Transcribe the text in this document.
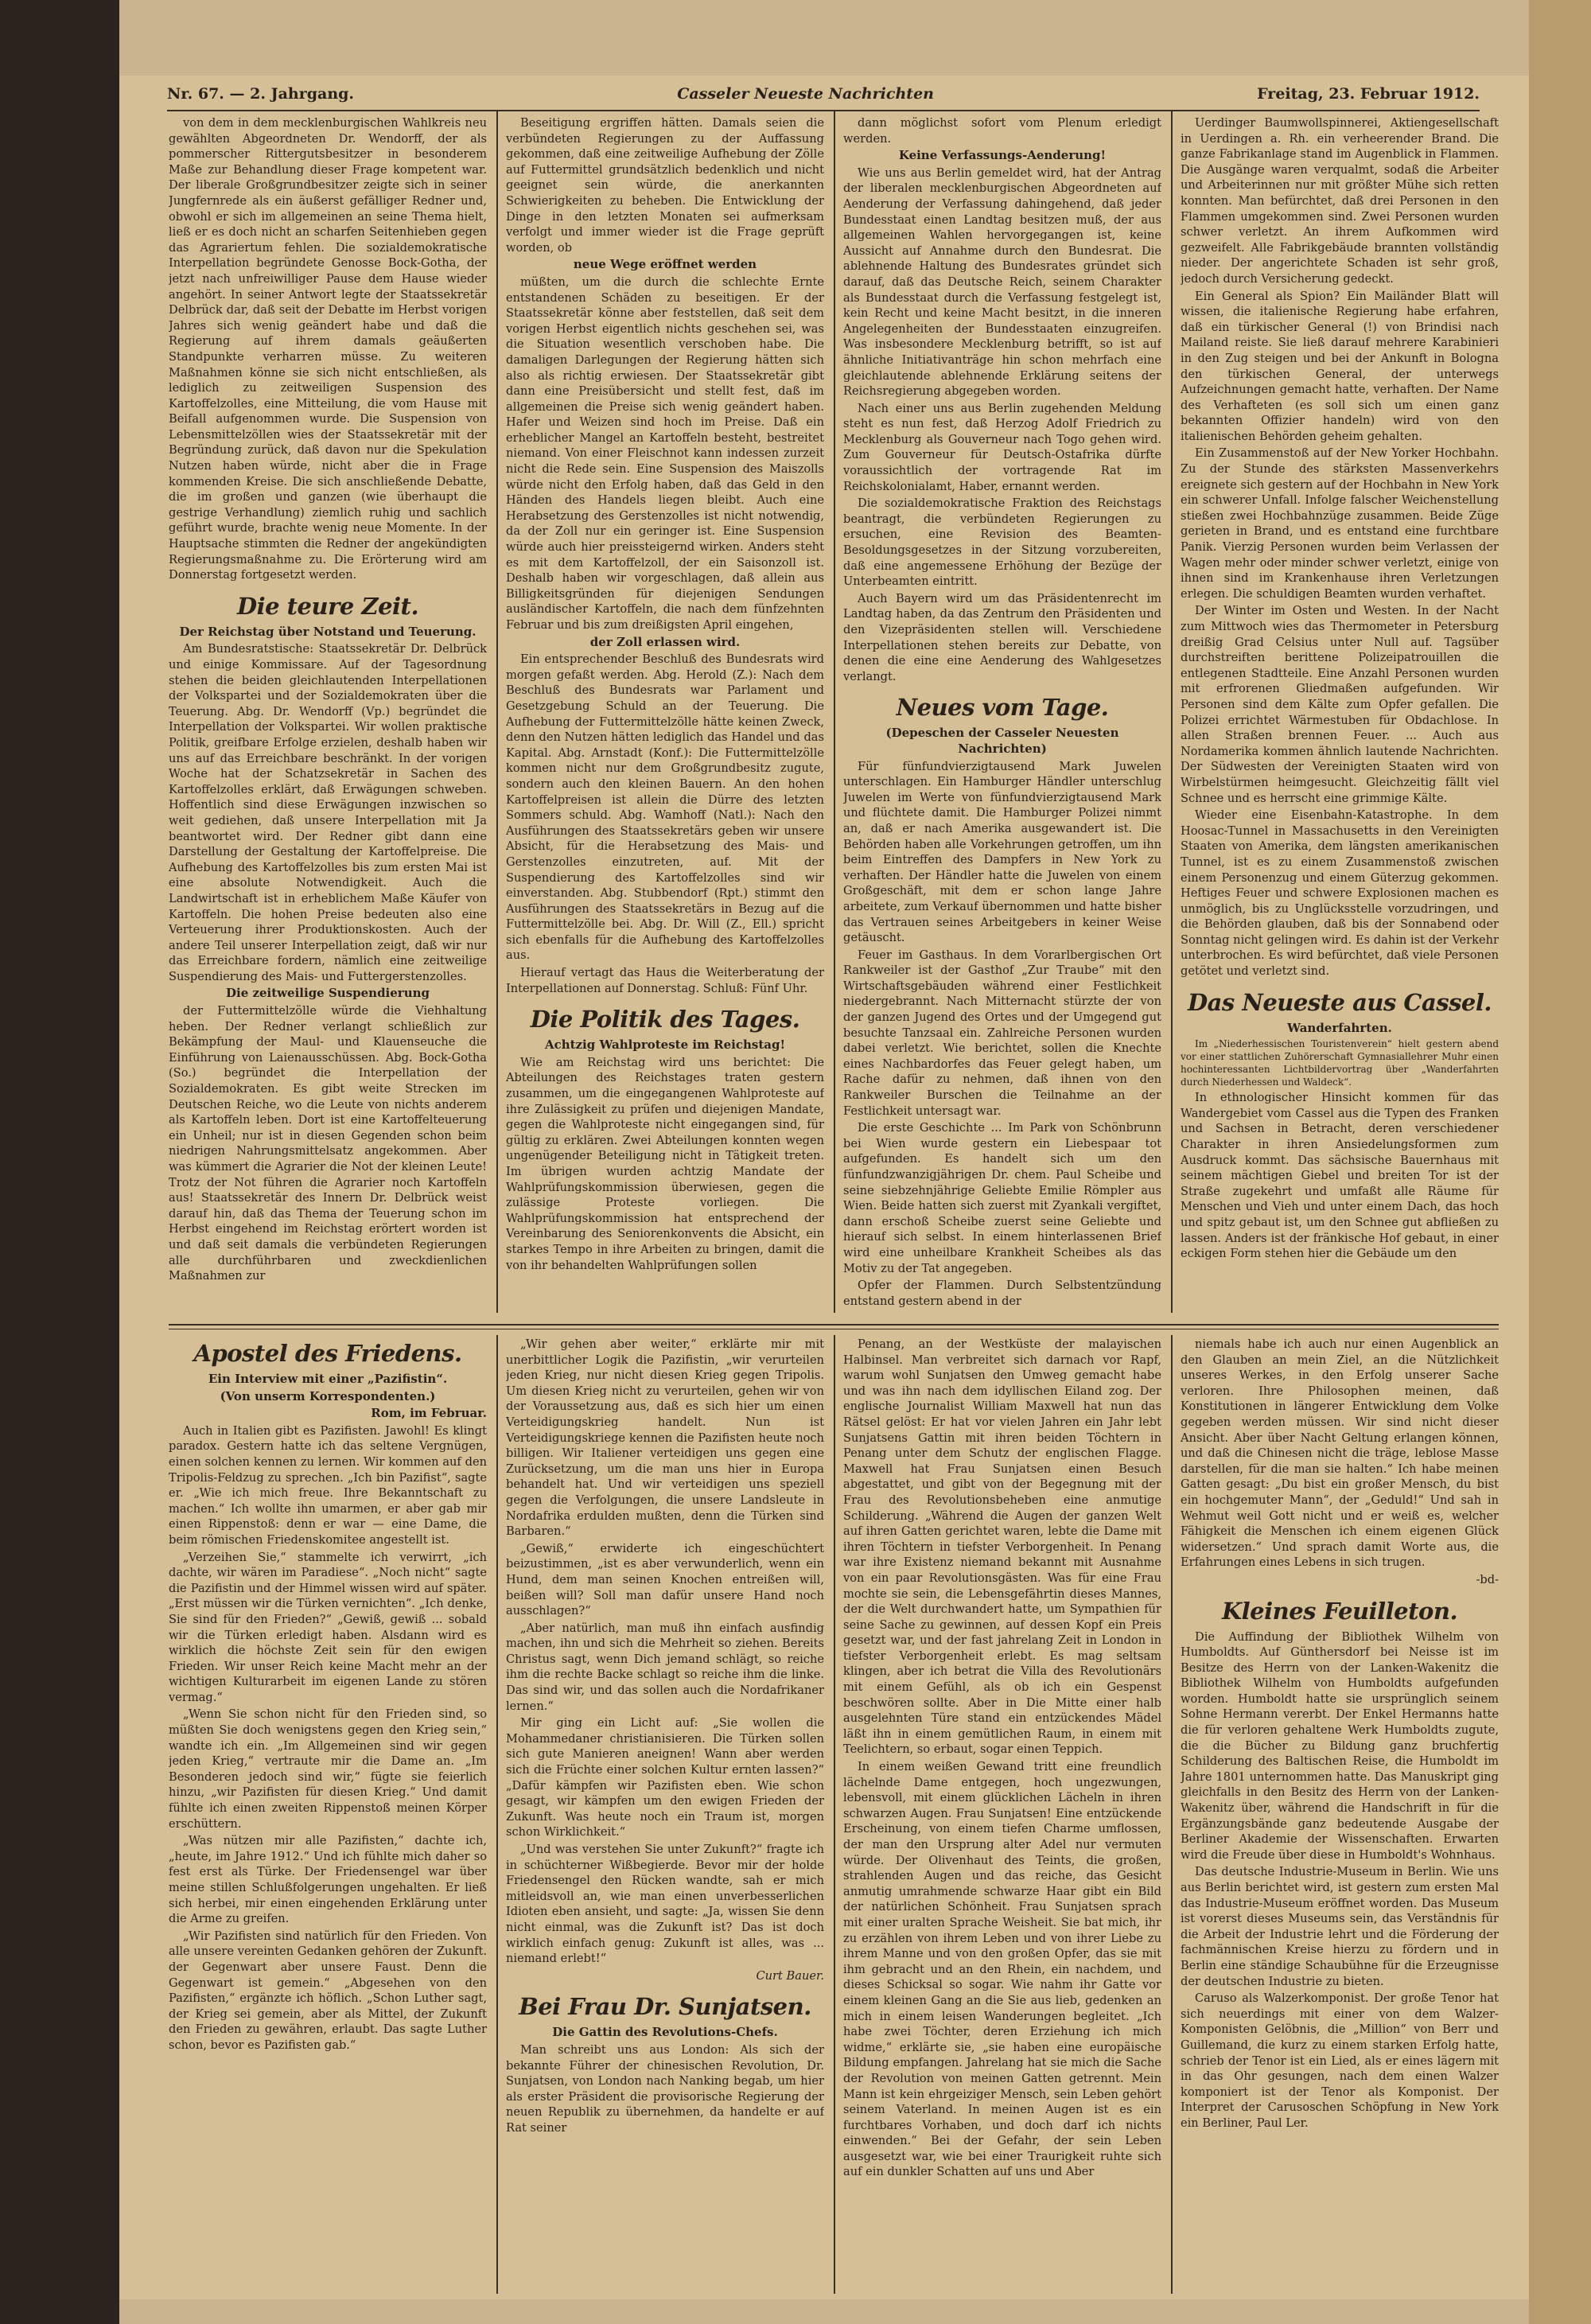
Nr. 67. — 2. Jahrgang.	Casseler Neueste Nachrichten	Freitag, 23. Februar 1912.

von dem in dem mecklenburgischen Wahlkreis neu gewählten Abgeordneten Dr. Wendorff, der als pommerscher Rittergutsbesitzer in besonderem Maße zur Behandlung dieser Frage kompetent war. Der liberale Großgrundbesitzer zeigte sich in seiner Jungfernrede als ein äußerst gefälliger Redner und, obwohl er sich im allgemeinen an seine Thema hielt, ließ er es doch nicht an scharfen Seitenhieben gegen das Agrariertum fehlen. Die sozialdemokratische Interpellation begründete Genosse Bock-Gotha, der jetzt nach unfreiwilliger Pause dem Hause wieder angehört. In seiner Antwort legte der Staatssekretär Delbrück dar, daß seit der Debatte im Herbst vorigen Jahres sich wenig geändert habe und daß die Regierung auf ihrem damals geäußerten Standpunkte verharren müsse. Zu weiteren Maßnahmen könne sie sich nicht entschließen, als lediglich zu zeitweiligen Suspension des Kartoffelzolles, eine Mitteilung, die vom Hause mit Beifall aufgenommen wurde. Die Suspension von Lebensmittelzöllen wies der Staatssekretär mit der Begründung zurück, daß davon nur die Spekulation Nutzen haben würde, nicht aber die in Frage kommenden Kreise. Die sich anschließende Debatte, die im großen und ganzen (wie überhaupt die gestrige Verhandlung) ziemlich ruhig und sachlich geführt wurde, brachte wenig neue Momente. In der Hauptsache stimmten die Redner der angekündigten Regierungsmaßnahme zu. Die Erörterung wird am Donnerstag fortgesetzt werden.

Die teure Zeit.

Der Reichstag über Notstand und Teuerung.

Am Bundesratstische: Staatssekretär Dr. Delbrück und einige Kommissare. Auf der Tagesordnung stehen die beiden gleichlautenden Interpellationen der Volkspartei und der Sozialdemokraten über die Teuerung. Abg. Dr. Wendorff (Vp.) begründet die Interpellation der Volkspartei. Wir wollen praktische Politik, greifbare Erfolge erzielen, deshalb haben wir uns auf das Erreichbare beschränkt. In der vorigen Woche hat der Schatzsekretär in Sachen des Kartoffelzolles erklärt, daß Erwägungen schweben. Hoffentlich sind diese Erwägungen inzwischen so weit gediehen, daß unsere Interpellation mit Ja beantwortet wird. Der Redner gibt dann eine Darstellung der Gestaltung der Kartoffelpreise. Die Aufhebung des Kartoffelzolles bis zum ersten Mai ist eine absolute Notwendigkeit. Auch die Landwirtschaft ist in erheblichem Maße Käufer von Kartoffeln. Die hohen Preise bedeuten also eine Verteuerung ihrer Produktionskosten. Auch der andere Teil unserer Interpellation zeigt, daß wir nur das Erreichbare fordern, nämlich eine zeitweilige Suspendierung des Mais- und Futtergerstenzolles.

Die zeitweilige Suspendierung

der Futtermittelzölle würde die Viehhaltung heben. Der Redner verlangt schließlich zur Bekämpfung der Maul- und Klauenseuche die Einführung von Laienausschüssen. Abg. Bock-Gotha (So.) begründet die Interpellation der Sozialdemokraten. Es gibt weite Strecken im Deutschen Reiche, wo die Leute von nichts anderem als Kartoffeln leben. Dort ist eine Kartoffelteuerung ein Unheil; nur ist in diesen Gegenden schon beim niedrigen Nahrungsmittelsatz angekommen. Aber was kümmert die Agrarier die Not der kleinen Leute! Trotz der Not führen die Agrarier noch Kartoffeln aus! Staatssekretär des Innern Dr. Delbrück weist darauf hin, daß das Thema der Teuerung schon im Herbst eingehend im Reichstag erörtert worden ist und daß seit damals die verbündeten Regierungen alle durchführbaren und zweckdienlichen Maßnahmen zur

Beseitigung ergriffen hätten. Damals seien die verbündeten Regierungen zu der Auffassung gekommen, daß eine zeitweilige Aufhebung der Zölle auf Futtermittel grundsätzlich bedenklich und nicht geeignet sein würde, die anerkannten Schwierigkeiten zu beheben. Die Entwicklung der Dinge in den letzten Monaten sei aufmerksam verfolgt und immer wieder ist die Frage geprüft worden, ob

neue Wege eröffnet werden

müßten, um die durch die schlechte Ernte entstandenen Schäden zu beseitigen. Er der Staatssekretär könne aber feststellen, daß seit dem vorigen Herbst eigentlich nichts geschehen sei, was die Situation wesentlich verschoben habe. Die damaligen Darlegungen der Regierung hätten sich also als richtig erwiesen. Der Staatssekretär gibt dann eine Preisübersicht und stellt fest, daß im allgemeinen die Preise sich wenig geändert haben. Hafer und Weizen sind hoch im Preise. Daß ein erheblicher Mangel an Kartoffeln besteht, bestreitet niemand. Von einer Fleischnot kann indessen zurzeit nicht die Rede sein. Eine Suspension des Maiszolls würde nicht den Erfolg haben, daß das Geld in den Händen des Handels liegen bleibt. Auch eine Herabsetzung des Gerstenzolles ist nicht notwendig, da der Zoll nur ein geringer ist. Eine Suspension würde auch hier preissteigernd wirken. Anders steht es mit dem Kartoffelzoll, der ein Saisonzoll ist. Deshalb haben wir vorgeschlagen, daß allein aus Billigkeitsgründen für diejenigen Sendungen ausländischer Kartoffeln, die nach dem fünfzehnten Februar und bis zum dreißigsten April eingehen,

der Zoll erlassen wird.

Ein entsprechender Beschluß des Bundesrats wird morgen gefaßt werden. Abg. Herold (Z.): Nach dem Beschluß des Bundesrats war Parlament und Gesetzgebung Schuld an der Teuerung. Die Aufhebung der Futtermittelzölle hätte keinen Zweck, denn den Nutzen hätten lediglich das Handel und das Kapital. Abg. Arnstadt (Konf.): Die Futtermittelzölle kommen nicht nur dem Großgrundbesitz zugute, sondern auch den kleinen Bauern. An den hohen Kartoffelpreisen ist allein die Dürre des letzten Sommers schuld. Abg. Wamhoff (Natl.): Nach den Ausführungen des Staatssekretärs geben wir unsere Absicht, für die Herabsetzung des Mais- und Gerstenzolles einzutreten, auf. Mit der Suspendierung des Kartoffelzolles sind wir einverstanden. Abg. Stubbendorf (Rpt.) stimmt den Ausführungen des Staatssekretärs in Bezug auf die Futtermittelzölle bei. Abg. Dr. Will (Z., Ell.) spricht sich ebenfalls für die Aufhebung des Kartoffelzolles aus.

Hierauf vertagt das Haus die Weiterberatung der Interpellationen auf Donnerstag. Schluß: Fünf Uhr.

Die Politik des Tages.

Achtzig Wahlproteste im Reichstag!

Wie am Reichstag wird uns berichtet: Die Abteilungen des Reichstages traten gestern zusammen, um die eingegangenen Wahlproteste auf ihre Zulässigkeit zu prüfen und diejenigen Mandate, gegen die Wahlproteste nicht eingegangen sind, für gültig zu erklären. Zwei Abteilungen konnten wegen ungenügender Beteiligung nicht in Tätigkeit treten. Im übrigen wurden achtzig Mandate der Wahlprüfungskommission überwiesen, gegen die zulässige Proteste vorliegen. Die Wahlprüfungskommission hat entsprechend der Vereinbarung des Seniorenkonvents die Absicht, ein starkes Tempo in ihre Arbeiten zu bringen, damit die von ihr behandelten Wahlprüfungen sollen

dann möglichst sofort vom Plenum erledigt werden.

Keine Verfassungs-Aenderung!

Wie uns aus Berlin gemeldet wird, hat der Antrag der liberalen mecklenburgischen Abgeordneten auf Aenderung der Verfassung dahingehend, daß jeder Bundesstaat einen Landtag besitzen muß, der aus allgemeinen Wahlen hervorgegangen ist, keine Aussicht auf Annahme durch den Bundesrat. Die ablehnende Haltung des Bundesrates gründet sich darauf, daß das Deutsche Reich, seinem Charakter als Bundesstaat durch die Verfassung festgelegt ist, kein Recht und keine Macht besitzt, in die inneren Angelegenheiten der Bundesstaaten einzugreifen. Was insbesondere Mecklenburg betrifft, so ist auf ähnliche Initiativanträge hin schon mehrfach eine gleichlautende ablehnende Erklärung seitens der Reichsregierung abgegeben worden.

Nach einer uns aus Berlin zugehenden Meldung steht es nun fest, daß Herzog Adolf Friedrich zu Mecklenburg als Gouverneur nach Togo gehen wird. Zum Gouverneur für Deutsch-Ostafrika dürfte voraussichtlich der vortragende Rat im Reichskolonialamt, Haber, ernannt werden.

Die sozialdemokratische Fraktion des Reichstags beantragt, die verbündeten Regierungen zu ersuchen, eine Revision des Beamten-Besoldungsgesetzes in der Sitzung vorzubereiten, daß eine angemessene Erhöhung der Bezüge der Unterbeamten eintritt.

Auch Bayern wird um das Präsidentenrecht im Landtag haben, da das Zentrum den Präsidenten und den Vizepräsidenten stellen will. Verschiedene Interpellationen stehen bereits zur Debatte, von denen die eine eine Aenderung des Wahlgesetzes verlangt.

Neues vom Tage.

(Depeschen der Casseler Neuesten Nachrichten)

Für fünfundvierzigtausend Mark Juwelen unterschlagen. Ein Hamburger Händler unterschlug Juwelen im Werte von fünfundvierzigtausend Mark und flüchtete damit. Die Hamburger Polizei nimmt an, daß er nach Amerika ausgewandert ist. Die Behörden haben alle Vorkehrungen getroffen, um ihn beim Eintreffen des Dampfers in New York zu verhaften. Der Händler hatte die Juwelen von einem Großgeschäft, mit dem er schon lange Jahre arbeitete, zum Verkauf übernommen und hatte bisher das Vertrauen seines Arbeitgebers in keiner Weise getäuscht.

Feuer im Gasthaus. In dem Vorarlbergischen Ort Rankweiler ist der Gasthof „Zur Traube“ mit den Wirtschaftsgebäuden während einer Festlichkeit niedergebrannt. Nach Mitternacht stürzte der von der ganzen Jugend des Ortes und der Umgegend gut besuchte Tanzsaal ein. Zahlreiche Personen wurden dabei verletzt. Wie berichtet, sollen die Knechte eines Nachbardorfes das Feuer gelegt haben, um Rache dafür zu nehmen, daß ihnen von den Rankweiler Burschen die Teilnahme an der Festlichkeit untersagt war.

Die erste Geschichte ... Im Park von Schönbrunn bei Wien wurde gestern ein Liebespaar tot aufgefunden. Es handelt sich um den fünfundzwanzigjährigen Dr. chem. Paul Scheibe und seine siebzehnjährige Geliebte Emilie Römpler aus Wien. Beide hatten sich zuerst mit Zyankali vergiftet, dann erschoß Scheibe zuerst seine Geliebte und hierauf sich selbst. In einem hinterlassenen Brief wird eine unheilbare Krankheit Scheibes als das Motiv zu der Tat angegeben.

Opfer der Flammen. Durch Selbstentzündung entstand gestern abend in der

Uerdinger Baumwollspinnerei, Aktiengesellschaft in Uerdingen a. Rh. ein verheerender Brand. Die ganze Fabrikanlage stand im Augenblick in Flammen. Die Ausgänge waren verqualmt, sodaß die Arbeiter und Arbeiterinnen nur mit größter Mühe sich retten konnten. Man befürchtet, daß drei Personen in den Flammen umgekommen sind. Zwei Personen wurden schwer verletzt. An ihrem Aufkommen wird gezweifelt. Alle Fabrikgebäude brannten vollständig nieder. Der angerichtete Schaden ist sehr groß, jedoch durch Versicherung gedeckt.

Ein General als Spion? Ein Mailänder Blatt will wissen, die italienische Regierung habe erfahren, daß ein türkischer General (!) von Brindisi nach Mailand reiste. Sie ließ darauf mehrere Karabinieri in den Zug steigen und bei der Ankunft in Bologna den türkischen General, der unterwegs Aufzeichnungen gemacht hatte, verhaften. Der Name des Verhafteten (es soll sich um einen ganz bekannten Offizier handeln) wird von den italienischen Behörden geheim gehalten.

Ein Zusammenstoß auf der New Yorker Hochbahn. Zu der Stunde des stärksten Massenverkehrs ereignete sich gestern auf der Hochbahn in New York ein schwerer Unfall. Infolge falscher Weichenstellung stießen zwei Hochbahnzüge zusammen. Beide Züge gerieten in Brand, und es entstand eine furchtbare Panik. Vierzig Personen wurden beim Verlassen der Wagen mehr oder minder schwer verletzt, einige von ihnen sind im Krankenhause ihren Verletzungen erlegen. Die schuldigen Beamten wurden verhaftet.

Der Winter im Osten und Westen. In der Nacht zum Mittwoch wies das Thermometer in Petersburg dreißig Grad Celsius unter Null auf. Tagsüber durchstreiften berittene Polizeipatrouillen die entlegenen Stadtteile. Eine Anzahl Personen wurden mit erfrorenen Gliedmaßen aufgefunden. Wir Personen sind dem Kälte zum Opfer gefallen. Die Polizei errichtet Wärmestuben für Obdachlose. In allen Straßen brennen Feuer. ... Auch aus Nordamerika kommen ähnlich lautende Nachrichten. Der Südwesten der Vereinigten Staaten wird von Wirbelstürmen heimgesucht. Gleichzeitig fällt viel Schnee und es herrscht eine grimmige Kälte.

Wieder eine Eisenbahn-Katastrophe. In dem Hoosac-Tunnel in Massachusetts in den Vereinigten Staaten von Amerika, dem längsten amerikanischen Tunnel, ist es zu einem Zusammenstoß zwischen einem Personenzug und einem Güterzug gekommen. Heftiges Feuer und schwere Explosionen machen es unmöglich, bis zu Unglücksstelle vorzudringen, und die Behörden glauben, daß bis der Sonnabend oder Sonntag nicht gelingen wird. Es dahin ist der Verkehr unterbrochen. Es wird befürchtet, daß viele Personen getötet und verletzt sind.

Das Neueste aus Cassel.

Wanderfahrten.

Im „Niederhessischen Touristenverein“ hielt gestern abend vor einer stattlichen Zuhörerschaft Gymnasiallehrer Muhr einen hochinteressanten Lichtbildervortrag über „Wanderfahrten durch Niederhessen und Waldeck“.

In ethnologischer Hinsicht kommen für das Wandergebiet vom Cassel aus die Typen des Franken und Sachsen in Betracht, deren verschiedener Charakter in ihren Ansiedelungsformen zum Ausdruck kommt. Das sächsische Bauernhaus mit seinem mächtigen Giebel und breiten Tor ist der Straße zugekehrt und umfaßt alle Räume für Menschen und Vieh und unter einem Dach, das hoch und spitz gebaut ist, um den Schnee gut abfließen zu lassen. Anders ist der fränkische Hof gebaut, in einer eckigen Form stehen hier die Gebäude um den

Apostel des Friedens.

Ein Interview mit einer „Pazifistin“.

(Von unserm Korrespondenten.)

Rom, im Februar.

Auch in Italien gibt es Pazifisten. Jawohl! Es klingt paradox. Gestern hatte ich das seltene Vergnügen, einen solchen kennen zu lernen. Wir kommen auf den Tripolis-Feldzug zu sprechen. „Ich bin Pazifist“, sagte er. „Wie ich mich freue. Ihre Bekanntschaft zu machen.“ Ich wollte ihn umarmen, er aber gab mir einen Rippenstoß: denn er war — eine Dame, die beim römischen Friedenskomitee angestellt ist.

„Verzeihen Sie,“ stammelte ich verwirrt, „ich dachte, wir wären im Paradiese“. „Noch nicht“ sagte die Pazifistin und der Himmel wissen wird auf später. „Erst müssen wir die Türken vernichten“. „Ich denke, Sie sind für den Frieden?“ „Gewiß, gewiß ... sobald wir die Türken erledigt haben. Alsdann wird es wirklich die höchste Zeit sein für den ewigen Frieden. Wir unser Reich keine Macht mehr an der wichtigen Kulturarbeit im eigenen Lande zu stören vermag.“

„Wenn Sie schon nicht für den Frieden sind, so müßten Sie doch wenigstens gegen den Krieg sein,“ wandte ich ein. „Im Allgemeinen sind wir gegen jeden Krieg,“ vertraute mir die Dame an. „Im Besonderen jedoch sind wir,“ fügte sie feierlich hinzu, „wir Pazifisten für diesen Krieg.“ Und damit fühlte ich einen zweiten Rippenstoß meinen Körper erschüttern.

„Was nützen mir alle Pazifisten,“ dachte ich, „heute, im Jahre 1912.“ Und ich fühlte mich daher so fest erst als Türke. Der Friedensengel war über meine stillen Schlußfolgerungen ungehalten. Er ließ sich herbei, mir einen eingehenden Erklärung unter die Arme zu greifen.

„Wir Pazifisten sind natürlich für den Frieden. Von alle unsere vereinten Gedanken gehören der Zukunft. der Gegenwart aber unsere Faust. Denn die Gegenwart ist gemein.“ „Abgesehen von den Pazifisten,“ ergänzte ich höflich. „Schon Luther sagt, der Krieg sei gemein, aber als Mittel, der Zukunft den Frieden zu gewähren, erlaubt. Das sagte Luther schon, bevor es Pazifisten gab.“

„Wir gehen aber weiter,“ erklärte mir mit unerbittlicher Logik die Pazifistin, „wir verurteilen jeden Krieg, nur nicht diesen Krieg gegen Tripolis. Um diesen Krieg nicht zu verurteilen, gehen wir von der Voraussetzung aus, daß es sich hier um einen Verteidigungskrieg handelt. Nun ist Verteidigungskriege kennen die Pazifisten heute noch billigen. Wir Italiener verteidigen uns gegen eine Zurücksetzung, um die man uns hier in Europa behandelt hat. Und wir verteidigen uns speziell gegen die Verfolgungen, die unsere Landsleute in Nordafrika erdulden mußten, denn die Türken sind Barbaren.“

„Gewiß,“ erwiderte ich eingeschüchtert beizustimmen, „ist es aber verwunderlich, wenn ein Hund, dem man seinen Knochen entreißen will, beißen will? Soll man dafür unsere Hand noch ausschlagen?“

„Aber natürlich, man muß ihn einfach ausfindig machen, ihn und sich die Mehrheit so ziehen. Bereits Christus sagt, wenn Dich jemand schlägt, so reiche ihm die rechte Backe schlagt so reiche ihm die linke. Das sind wir, und das sollen auch die Nordafrikaner lernen.“

Mir ging ein Licht auf: „Sie wollen die Mohammedaner christianisieren. Die Türken sollen sich gute Manieren aneignen! Wann aber werden sich die Früchte einer solchen Kultur ernten lassen?“ „Dafür kämpfen wir Pazifisten eben. Wie schon gesagt, wir kämpfen um den ewigen Frieden der Zukunft. Was heute noch ein Traum ist, morgen schon Wirklichkeit.“

„Und was verstehen Sie unter Zukunft?“ fragte ich in schüchterner Wißbegierde. Bevor mir der holde Friedensengel den Rücken wandte, sah er mich mitleidsvoll an, wie man einen unverbesserlichen Idioten eben ansieht, und sagte: „Ja, wissen Sie denn nicht einmal, was die Zukunft ist? Das ist doch wirklich einfach genug: Zukunft ist alles, was ... niemand erlebt!“

Curt Bauer.

Bei Frau Dr. Sunjatsen.

Die Gattin des Revolutions-Chefs.

Man schreibt uns aus London: Als sich der bekannte Führer der chinesischen Revolution, Dr. Sunjatsen, von London nach Nanking begab, um hier als erster Präsident die provisorische Regierung der neuen Republik zu übernehmen, da handelte er auf Rat seiner

Penang, an der Westküste der malayischen Halbinsel. Man verbreitet sich darnach vor Rapf, warum wohl Sunjatsen den Umweg gemacht habe und was ihn nach dem idyllischen Eiland zog. Der englische Journalist William Maxwell hat nun das Rätsel gelöst: Er hat vor vielen Jahren ein Jahr lebt Sunjatsens Gattin mit ihren beiden Töchtern in Penang unter dem Schutz der englischen Flagge. Maxwell hat Frau Sunjatsen einen Besuch abgestattet, und gibt von der Begegnung mit der Frau des Revolutionsbeheben eine anmutige Schilderung. „Während die Augen der ganzen Welt auf ihren Gatten gerichtet waren, lebte die Dame mit ihren Töchtern in tiefster Verborgenheit. In Penang war ihre Existenz niemand bekannt mit Ausnahme von ein paar Revolutionsgästen. Was für eine Frau mochte sie sein, die Lebensgefährtin dieses Mannes, der die Welt durchwandert hatte, um Sympathien für seine Sache zu gewinnen, auf dessen Kopf ein Preis gesetzt war, und der fast jahrelang Zeit in London in tiefster Verborgenheit erlebt. Es mag seltsam klingen, aber ich betrat die Villa des Revolutionärs mit einem Gefühl, als ob ich ein Gespenst beschwören sollte. Aber in Die Mitte einer halb ausgelehnten Türe stand ein entzückendes Mädel läßt ihn in einem gemütlichen Raum, in einem mit Teelichtern, so erbaut, sogar einen Teppich.

In einem weißen Gewand tritt eine freundlich lächelnde Dame entgegen, hoch ungezwungen, lebensvoll, mit einem glücklichen Lächeln in ihren schwarzen Augen. Frau Sunjatsen! Eine entzückende Erscheinung, von einem tiefen Charme umflossen, der man den Ursprung alter Adel nur vermuten würde. Der Olivenhaut des Teints, die großen, strahlenden Augen und das reiche, das Gesicht anmutig umrahmende schwarze Haar gibt ein Bild der natürlichen Schönheit. Frau Sunjatsen sprach mit einer uralten Sprache Weisheit. Sie bat mich, ihr zu erzählen von ihrem Leben und von ihrer Liebe zu ihrem Manne und von den großen Opfer, das sie mit ihm gebracht und an den Rhein, ein nachdem, und dieses Schicksal so sogar. Wie nahm ihr Gatte vor einem kleinen Gang an die Sie aus lieb, gedenken an mich in einem leisen Wanderungen begleitet. „Ich habe zwei Töchter, deren Erziehung ich mich widme,“ erklärte sie, „sie haben eine europäische Bildung empfangen. Jahrelang hat sie mich die Sache der Revolution von meinen Gatten getrennt. Mein Mann ist kein ehrgeiziger Mensch, sein Leben gehört seinem Vaterland. In meinen Augen ist es ein furchtbares Vorhaben, und doch darf ich nichts einwenden.“ Bei der Gefahr, der sein Leben ausgesetzt war, wie bei einer Traurigkeit ruhte sich auf ein dunkler Schatten auf uns und Aber

niemals habe ich auch nur einen Augenblick an den Glauben an mein Ziel, an die Nützlichkeit unseres Werkes, in den Erfolg unserer Sache verloren. Ihre Philosophen meinen, daß Konstitutionen in längerer Entwicklung dem Volke gegeben werden müssen. Wir sind nicht dieser Ansicht. Aber über Nacht Geltung erlangen können, und daß die Chinesen nicht die träge, leblose Masse darstellen, für die man sie halten.“ Ich habe meinen Gatten gesagt: „Du bist ein großer Mensch, du bist ein hochgemuter Mann“, der „Geduld!“ Und sah in Wehmut weil Gott nicht und er weiß es, welcher Fähigkeit die Menschen ich einem eigenen Glück widersetzen.“ Und sprach damit Worte aus, die Erfahrungen eines Lebens in sich trugen.

-bd-

Kleines Feuilleton.

Die Auffindung der Bibliothek Wilhelm von Humboldts. Auf Günthersdorf bei Neisse ist im Besitze des Herrn von der Lanken-Wakenitz die Bibliothek Wilhelm von Humboldts aufgefunden worden. Humboldt hatte sie ursprünglich seinem Sohne Hermann vererbt. Der Enkel Hermanns hatte die für verloren gehaltene Werk Humboldts zugute, die die Bücher zu Bildung ganz bruchfertig Schilderung des Baltischen Reise, die Humboldt im Jahre 1801 unternommen hatte. Das Manuskript ging gleichfalls in den Besitz des Herrn von der Lanken-Wakenitz über, während die Handschrift in für die Ergänzungsbände ganz bedeutende Ausgabe der Berliner Akademie der Wissenschaften. Erwarten wird die Freude über diese in Humboldt's Wohnhaus.

Das deutsche Industrie-Museum in Berlin. Wie uns aus Berlin berichtet wird, ist gestern zum ersten Mal das Industrie-Museum eröffnet worden. Das Museum ist vorerst dieses Museums sein, das Verständnis für die Arbeit der Industrie lehrt und die Förderung der fachmännischen Kreise hierzu zu fördern und in Berlin eine ständige Schaubühne für die Erzeugnisse der deutschen Industrie zu bieten.

Caruso als Walzerkomponist. Der große Tenor hat sich neuerdings mit einer von dem Walzer-Komponisten Gelöbnis, die „Million“ von Berr und Guillemand, die kurz zu einem starken Erfolg hatte, schrieb der Tenor ist ein Lied, als er eines lägern mit in das Ohr gesungen, nach dem einen Walzer komponiert ist der Tenor als Komponist. Der Interpret der Carusoschen Schöpfung in New York ein Berliner, Paul Ler.
